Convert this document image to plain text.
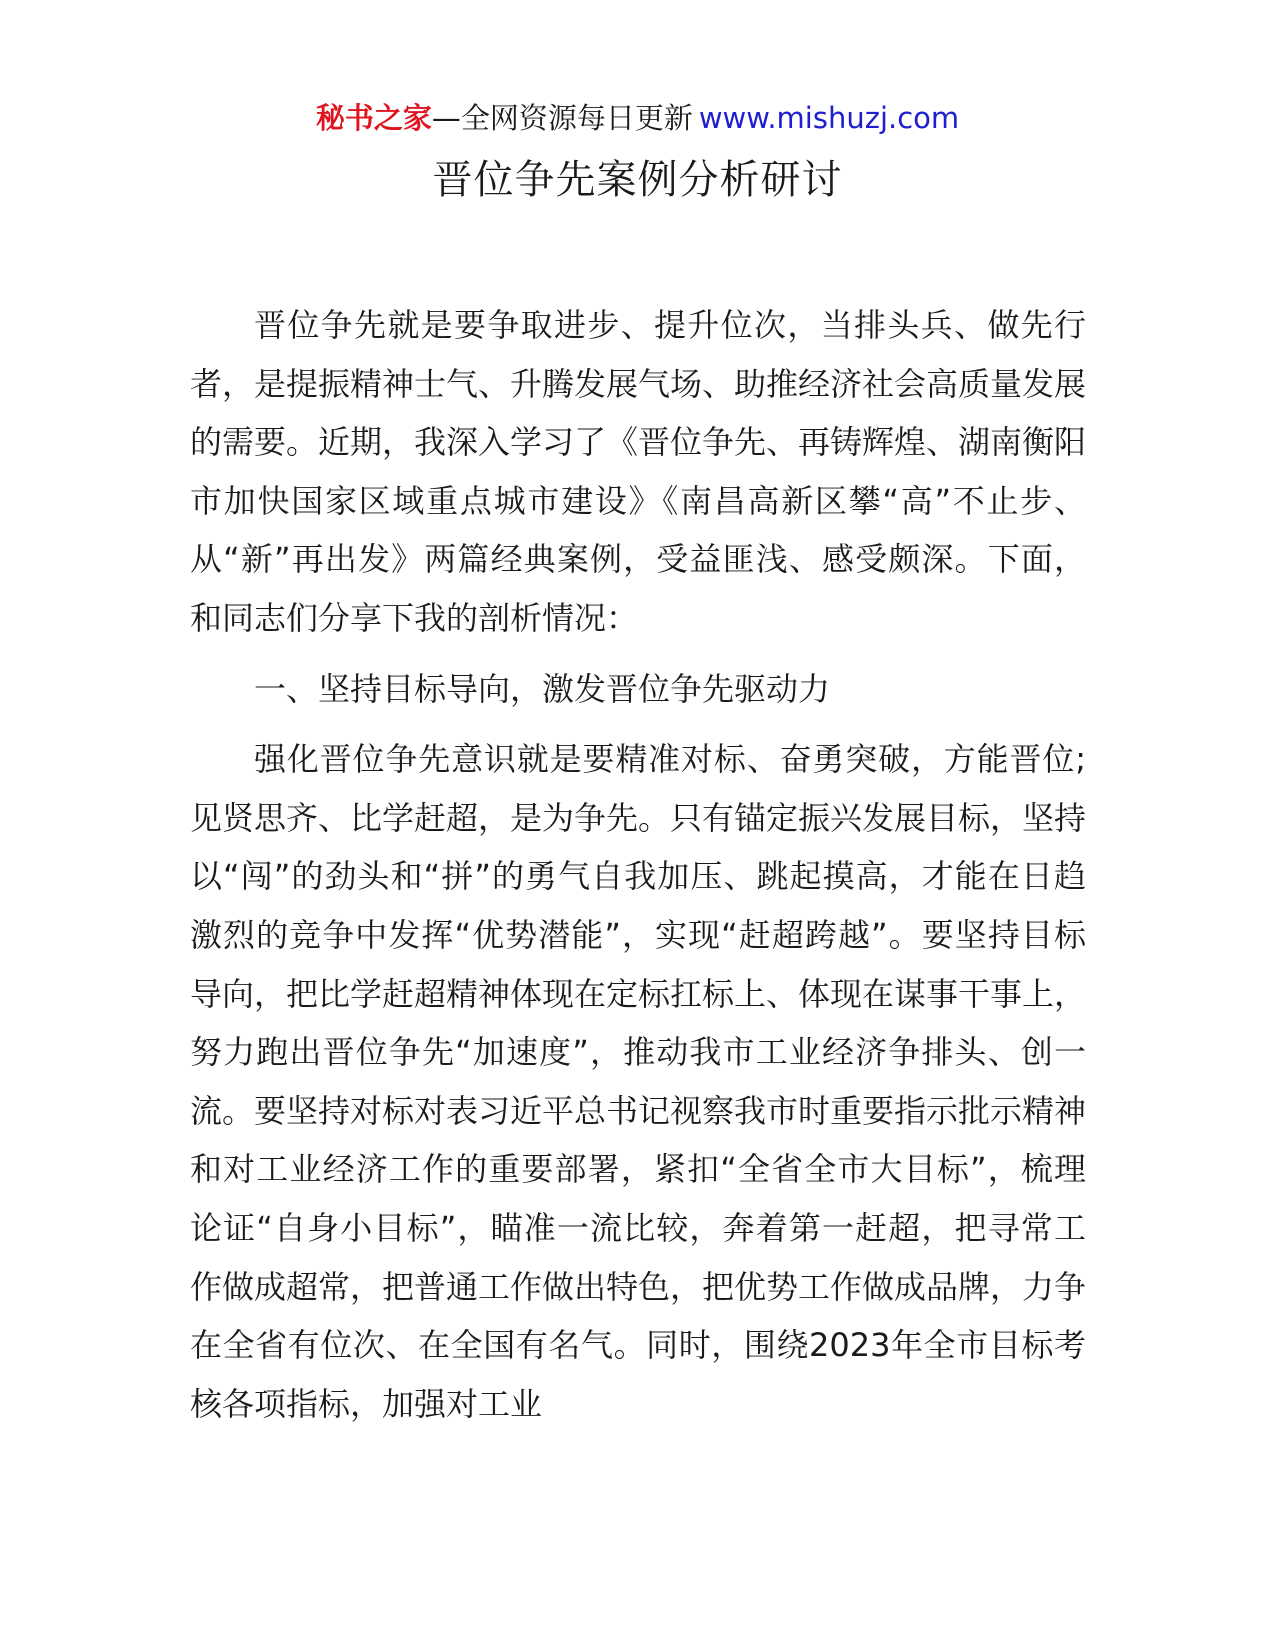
秘书之家—全网资源每日更新 www.mishuzj.com
晋位争先案例分析研讨

晋位争先就是要争取进步、提升位次，当排头兵、做先行者，是提振精神士气、升腾发展气场、助推经济社会高质量发展的需要。近期，我深入学习了《晋位争先、再铸辉煌、湖南衡阳市加快国家区域重点城市建设》《南昌高新区攀“高”不止步、从“新”再出发》两篇经典案例，受益匪浅、感受颇深。下面，和同志们分享下我的剖析情况：

一、坚持目标导向，激发晋位争先驱动力

强化晋位争先意识就是要精准对标、奋勇突破，方能晋位;见贤思齐、比学赶超，是为争先。只有锚定振兴发展目标，坚持以“闯”的劲头和“拼”的勇气自我加压、跳起摸高，才能在日趋激烈的竞争中发挥“优势潜能”，实现“赶超跨越”。要坚持目标导向，把比学赶超精神体现在定标扛标上、体现在谋事干事上，努力跑出晋位争先“加速度”，推动我市工业经济争排头、创一流。要坚持对标对表习近平总书记视察我市时重要指示批示精神和对工业经济工作的重要部署，紧扣“全省全市大目标”，梳理论证“自身小目标”，瞄准一流比较，奔着第一赶超，把寻常工作做成超常，把普通工作做出特色，把优势工作做成品牌，力争在全省有位次、在全国有名气。同时，围绕2023年全市目标考核各项指标，加强对工业
